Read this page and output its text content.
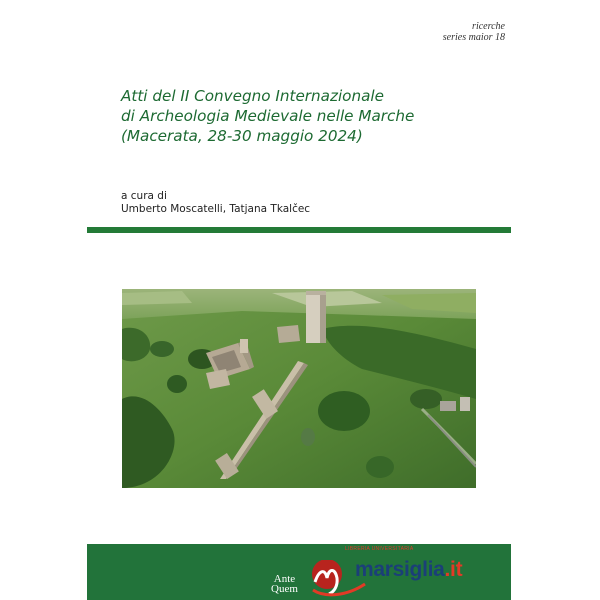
ricerche
series maior 18
Atti del II Convegno Internazionale
di Archeologia Medievale nelle Marche
(Macerata, 28-30 maggio 2024)
a cura di
Umberto Moscatelli, Tatjana Tkalčec
Ante
Quem
LIBRERIA UNIVERSITARIA
marsiglia.it
